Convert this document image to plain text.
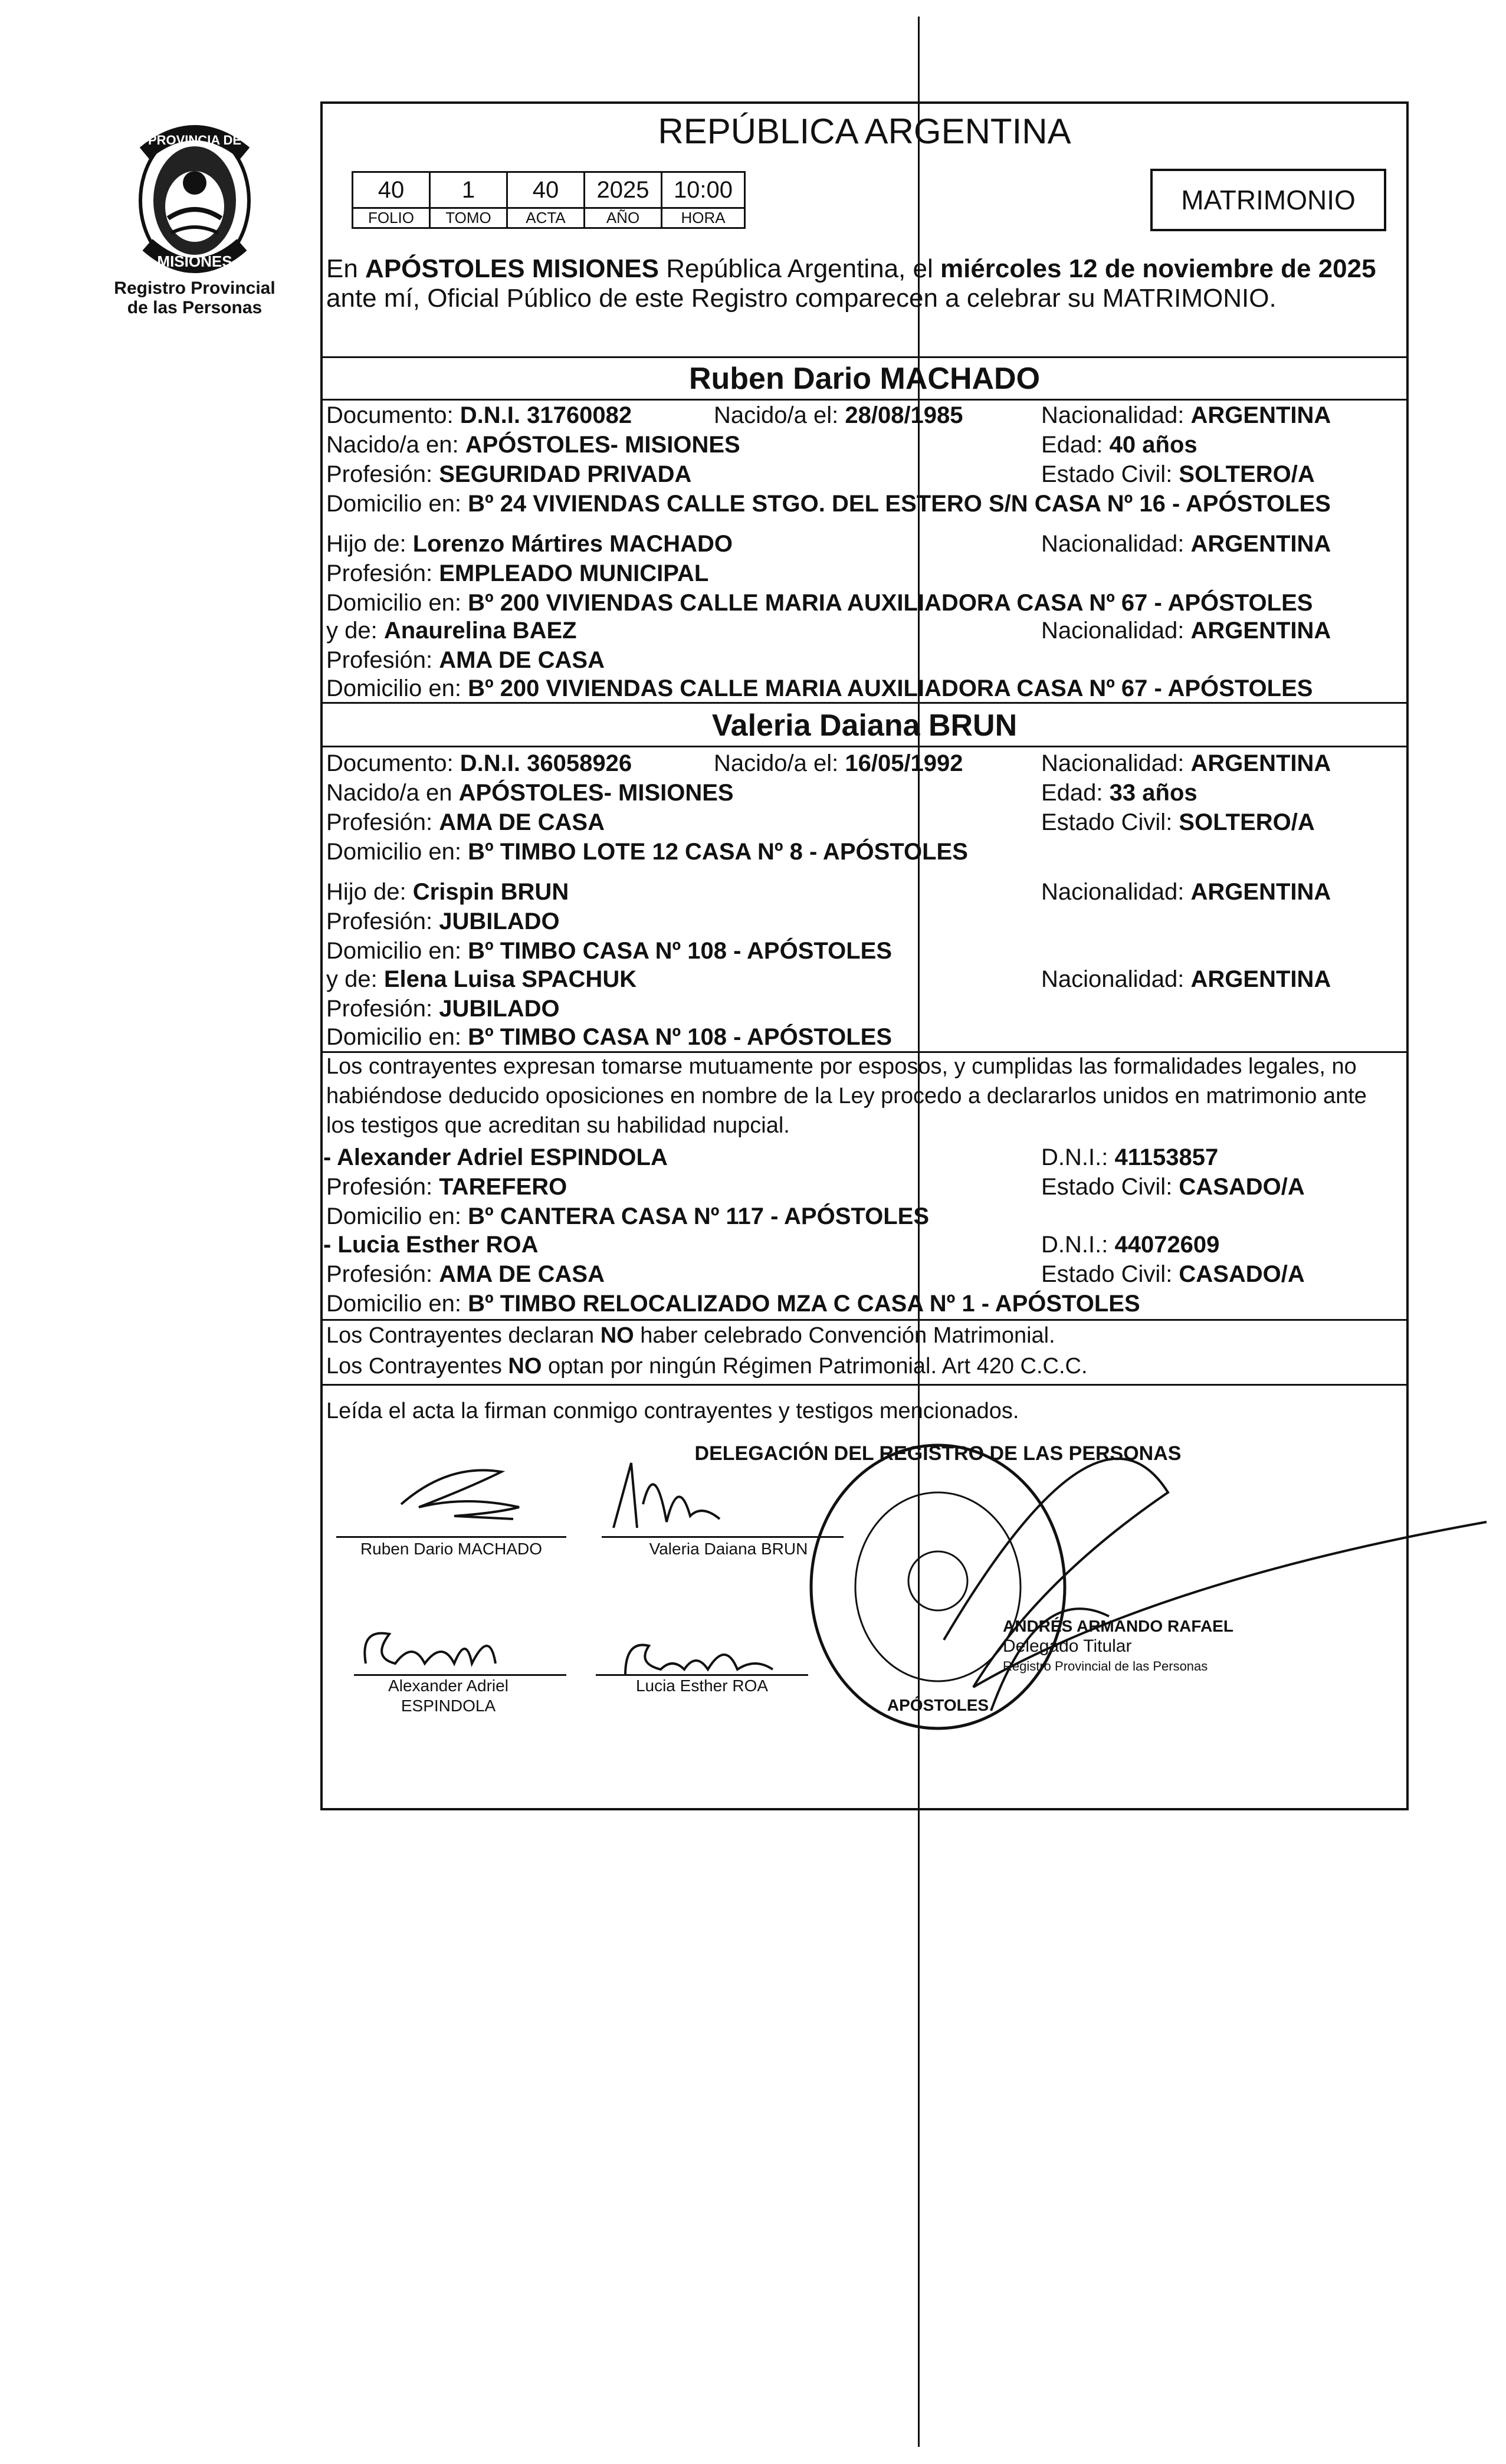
PROVINCIA DE
MISIONES
Registro Provincial
de las Personas
REPÚBLICA ARGENTINA
40	1	40	2025	10:00
FOLIO	TOMO	ACTA	AÑO	HORA
MATRIMONIO
En APÓSTOLES MISIONES República Argentina, el miércoles 12 de noviembre de 2025
ante mí, Oficial Público de este Registro comparecen a celebrar su MATRIMONIO.
Ruben Dario MACHADO
Documento: D.N.I. 31760082	Nacido/a el: 28/08/1985	Nacionalidad: ARGENTINA
Nacido/a en: APÓSTOLES- MISIONES	Edad: 40 años
Profesión: SEGURIDAD PRIVADA	Estado Civil: SOLTERO/A
Domicilio en: Bº 24 VIVIENDAS CALLE STGO. DEL ESTERO S/N CASA Nº 16 - APÓSTOLES
Hijo de: Lorenzo Mártires MACHADO	Nacionalidad: ARGENTINA
Profesión: EMPLEADO MUNICIPAL
Domicilio en: Bº 200 VIVIENDAS CALLE MARIA AUXILIADORA CASA Nº 67 - APÓSTOLES
y de: Anaurelina BAEZ	Nacionalidad: ARGENTINA
Profesión: AMA DE CASA
Domicilio en: Bº 200 VIVIENDAS CALLE MARIA AUXILIADORA CASA Nº 67 - APÓSTOLES
Valeria Daiana BRUN
Documento: D.N.I. 36058926	Nacido/a el: 16/05/1992	Nacionalidad: ARGENTINA
Nacido/a en APÓSTOLES- MISIONES	Edad: 33 años
Profesión: AMA DE CASA	Estado Civil: SOLTERO/A
Domicilio en: Bº TIMBO LOTE 12 CASA Nº 8 - APÓSTOLES
Hijo de: Crispin BRUN	Nacionalidad: ARGENTINA
Profesión: JUBILADO
Domicilio en: Bº TIMBO CASA Nº 108 - APÓSTOLES
y de: Elena Luisa SPACHUK	Nacionalidad: ARGENTINA
Profesión: JUBILADO
Domicilio en: Bº TIMBO CASA Nº 108 - APÓSTOLES
Los contrayentes expresan tomarse mutuamente por esposos, y cumplidas las formalidades legales, no
habiéndose deducido oposiciones en nombre de la Ley procedo a declararlos unidos en matrimonio ante
los testigos que acreditan su habilidad nupcial.
- Alexander Adriel ESPINDOLA	D.N.I.: 41153857
Profesión: TAREFERO	Estado Civil: CASADO/A
Domicilio en: Bº CANTERA CASA Nº 117 - APÓSTOLES
- Lucia Esther ROA	D.N.I.: 44072609
Profesión: AMA DE CASA	Estado Civil: CASADO/A
Domicilio en: Bº TIMBO RELOCALIZADO MZA C CASA Nº 1 - APÓSTOLES
Los Contrayentes declaran NO haber celebrado Convención Matrimonial.
Los Contrayentes NO optan por ningún Régimen Patrimonial. Art 420 C.C.C.
Leída el acta la firman conmigo contrayentes y testigos mencionados.
Ruben Dario MACHADO	Valeria Daiana BRUN
Alexander Adriel
ESPINDOLA
Lucia Esther ROA
DELEGACIÓN DEL REGISTRO DE LAS PERSONAS
APÓSTOLES
ANDRÉS ARMANDO RAFAEL
Delegado Titular
Registro Provincial de las Personas
